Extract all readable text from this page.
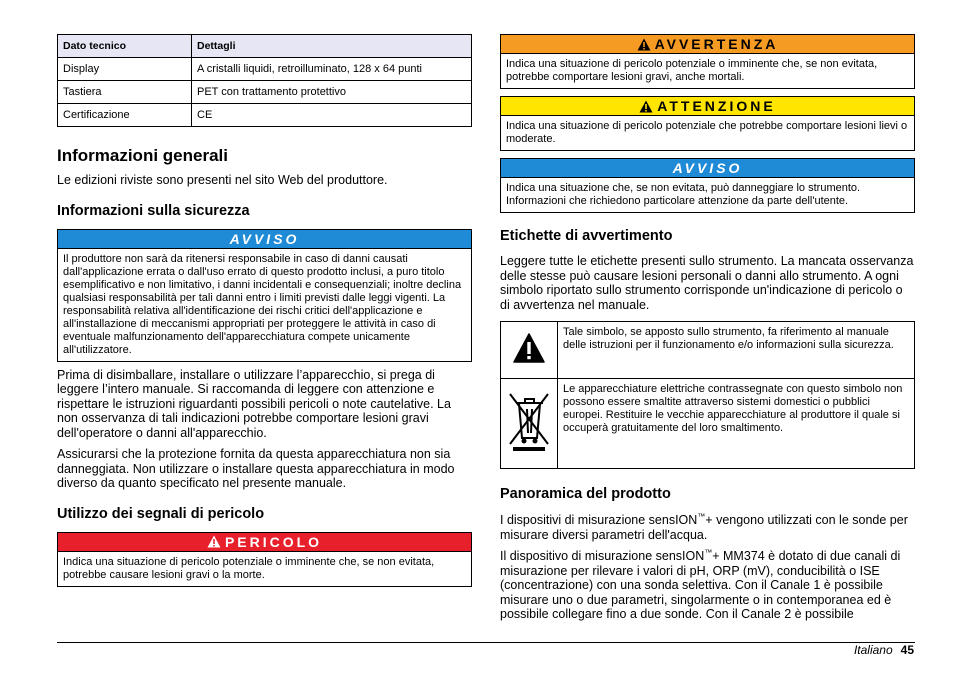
Dato tecnico	Dettagli
Display	A cristalli liquidi, retroilluminato, 128 x 64 punti
Tastiera	PET con trattamento protettivo
Certificazione	CE
Informazioni generali

Le edizioni riviste sono presenti nel sito Web del produttore.

Informazioni sulla sicurezza
AVVISO
Il produttore non sarà da ritenersi responsabile in caso di danni causati dall'applicazione errata o dall'uso errato di questo prodotto inclusi, a puro titolo esemplificativo e non limitativo, i danni incidentali e consequenziali; inoltre declina qualsiasi responsabilità per tali danni entro i limiti previsti dalle leggi vigenti. La responsabilità relativa all'identificazione dei rischi critici dell'applicazione e all'installazione di meccanismi appropriati per proteggere le attività in caso di eventuale malfunzionamento dell'apparecchiatura compete unicamente all'utilizzatore.

Prima di disimballare, installare o utilizzare l’apparecchio, si prega di leggere l’intero manuale. Si raccomanda di leggere con attenzione e rispettare le istruzioni riguardanti possibili pericoli o note cautelative. La non osservanza di tali indicazioni potrebbe comportare lesioni gravi dell'operatore o danni all'apparecchio.

Assicurarsi che la protezione fornita da questa apparecchiatura non sia danneggiata. Non utilizzare o installare questa apparecchiatura in modo diverso da quanto specificato nel presente manuale.

Utilizzo dei segnali di pericolo
PERICOLO
Indica una situazione di pericolo potenziale o imminente che, se non evitata, potrebbe causare lesioni gravi o la morte.
AVVERTENZA
Indica una situazione di pericolo potenziale o imminente che, se non evitata, potrebbe comportare lesioni gravi, anche mortali.
ATTENZIONE
Indica una situazione di pericolo potenziale che potrebbe comportare lesioni lievi o moderate.
AVVISO
Indica una situazione che, se non evitata, può danneggiare lo strumento. Informazioni che richiedono particolare attenzione da parte dell'utente.
Etichette di avvertimento

Leggere tutte le etichette presenti sullo strumento. La mancata osservanza delle stesse può causare lesioni personali o danni allo strumento. A ogni simbolo riportato sullo strumento corrisponde un'indicazione di pericolo o di avvertenza nel manuale.

	Tale simbolo, se apposto sullo strumento, fa riferimento al manuale delle istruzioni per il funzionamento e/o informazioni sulla sicurezza.
	Le apparecchiature elettriche contrassegnate con questo simbolo non possono essere smaltite attraverso sistemi domestici o pubblici europei. Restituire le vecchie apparecchiature al produttore il quale si occuperà gratuitamente del loro smaltimento.
Panoramica del prodotto

I dispositivi di misurazione sensION™+ vengono utilizzati con le sonde per misurare diversi parametri dell'acqua.

Il dispositivo di misurazione sensION™+ MM374 è dotato di due canali di misurazione per rilevare i valori di pH, ORP (mV), conducibilità o ISE (concentrazione) con una sonda selettiva. Con il Canale 1 è possibile misurare uno o due parametri, singolarmente o in contemporanea ed è possibile collegare fino a due sonde. Con il Canale 2 è possibile

Italiano 45
